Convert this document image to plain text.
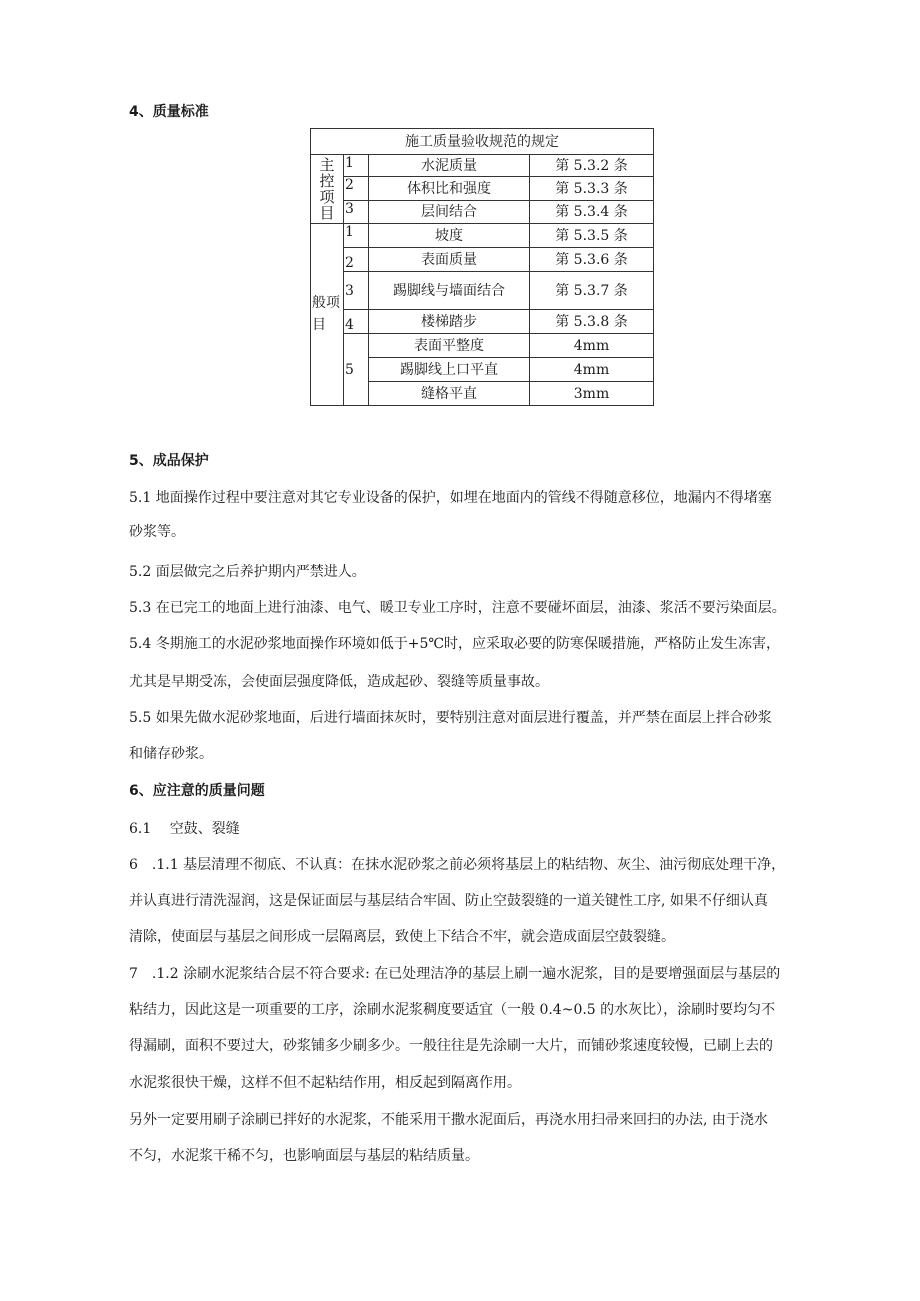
4、质量标准
施工质量验收规范的规定			

主
控
项
目	1	水泥质量	第 5.3.2 条
	2	体积比和强度	第 5.3.3 条
	3	层间结合	第 5.3.4 条

般项
目	1	坡度	第 5.3.5 条
	2	表面质量	第 5.3.6 条
	3	踢脚线与墙面结合	第 5.3.7 条
	4	楼梯踏步	第 5.3.8 条
	5	表面平整度	4mm
		踢脚线上口平直	4mm
		缝格平直	3mm
5、成品保护
5.1 地面操作过程中要注意对其它专业设备的保护，如埋在地面内的管线不得随意移位，地漏内不得堵塞
砂浆等。
5.2 面层做完之后养护期内严禁进人。
5.3 在已完工的地面上进行油漆、电气、暖卫专业工序时，注意不要碰坏面层，油漆、浆活不要污染面层。
5.4 冬期施工的水泥砂浆地面操作环境如低于+5℃时，应采取必要的防寒保暖措施，严格防止发生冻害，
尤其是早期受冻，会使面层强度降低，造成起砂、裂缝等质量事故。
5.5 如果先做水泥砂浆地面，后进行墙面抹灰时，要特别注意对面层进行覆盖，并严禁在面层上拌合砂浆
和储存砂浆。
6、应注意的质量问题
6.1　 空鼓、裂缝
6　.1.1 基层清理不彻底、不认真：在抹水泥砂浆之前必须将基层上的粘结物、灰尘、油污彻底处理干净，
并认真进行清洗湿润，这是保证面层与基层结合牢固、防止空鼓裂缝的一道关键性工序, 如果不仔细认真
清除，使面层与基层之间形成一层隔离层，致使上下结合不牢，就会造成面层空鼓裂缝。
7　.1.2 涂刷水泥浆结合层不符合要求: 在已处理洁净的基层上刷一遍水泥浆，目的是要增强面层与基层的
粘结力，因此这是一项重要的工序，涂刷水泥浆稠度要适宜（一般 0.4~0.5 的水灰比），涂刷时要均匀不
得漏刷，面积不要过大，砂浆铺多少刷多少。一般往往是先涂刷一大片，而铺砂浆速度较慢，已刷上去的
水泥浆很快干燥，这样不但不起粘结作用，相反起到隔离作用。
另外一定要用刷子涂刷已拌好的水泥浆，不能采用干撒水泥面后，再浇水用扫帚来回扫的办法, 由于浇水
不匀，水泥浆干稀不匀，也影响面层与基层的粘结质量。
